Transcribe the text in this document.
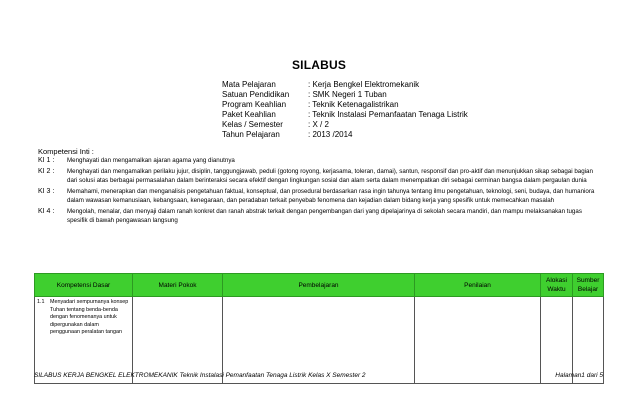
SILABUS
Mata Pelajaran	: Kerja Bengkel Elektromekanik
Satuan Pendidikan	: SMK Negeri 1 Tuban
Program Keahlian	: Teknik Ketenagalistrikan
Paket Keahlian	: Teknik Instalasi Pemanfaatan Tenaga Listrik
Kelas / Semester	: X / 2
Tahun Pelajaran	: 2013 /2014
Kompetensi Inti :
KI 1 :	Menghayati dan mengamalkan ajaran agama yang dianutnya
KI 2 :	Menghayati dan mengamalkan perilaku jujur, disiplin, tanggungjawab, peduli (gotong royong, kerjasama, toleran, damai), santun, responsif dan pro-aktif dan menunjukkan sikap sebagai bagian dari solusi atas berbagai permasalahan dalam berinteraksi secara efektif dengan lingkungan sosial dan alam serta dalam menempatkan diri sebagai cerminan bangsa dalam pergaulan dunia
KI 3 :	Memahami, menerapkan dan menganalisis pengetahuan faktual, konseptual, dan prosedural berdasarkan rasa ingin tahunya tentang ilmu pengetahuan, teknologi, seni, budaya, dan humaniora dalam wawasan kemanusiaan, kebangsaan, kenegaraan, dan peradaban terkait penyebab fenomena dan kejadian dalam bidang kerja yang spesifik untuk memecahkan masalah
KI 4 :	Mengolah, menalar, dan menyaji dalam ranah konkret dan ranah abstrak terkait dengan pengembangan dari yang dipelajarinya di sekolah secara mandiri, dan mampu melaksanakan tugas spesifik di bawah pengawasan langsung
Kompetensi Dasar	Materi Pokok	Pembelajaran	Penilaian	Alokasi Waktu	Sumber Belajar

1.1 Menyadari sempurnanya konsep Tuhan tentang benda-benda dengan fenomenanya untuk dipergunakan dalam penggunaan peralatan tangan					

SILABUS KERJA BENGKEL ELEKTROMEKANIK Teknik Instalasi Pemanfaatan Tenaga Listrik Kelas X Semester 2	Halaman1 dari 5
